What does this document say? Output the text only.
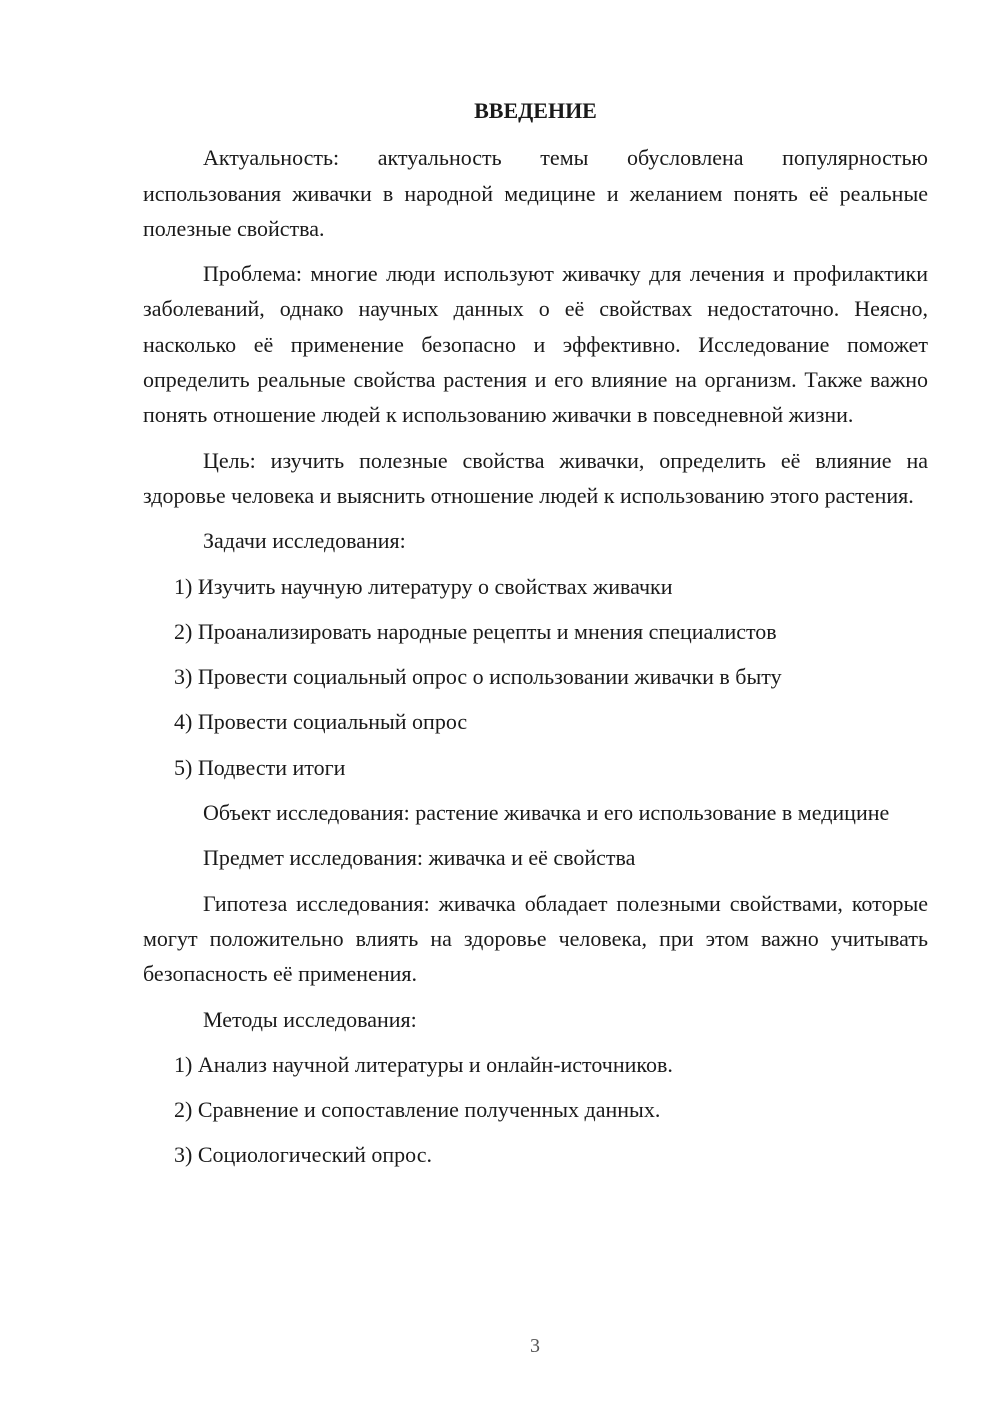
ВВЕДЕНИЕ

Актуальность: актуальность темы обусловлена популярностью использования живачки в народной медицине и желанием понять её реальные полезные свойства.

Проблема: многие люди используют живачку для лечения и профилактики заболеваний, однако научных данных о её свойствах недостаточно. Неясно, насколько её применение безопасно и эффективно. Исследование поможет определить реальные свойства растения и его влияние на организм. Также важно понять отношение людей к использованию живачки в повседневной жизни.

Цель: изучить полезные свойства живачки, определить её влияние на здоровье человека и выяснить отношение людей к использованию этого растения.

Задачи исследования:

1) Изучить научную литературу о свойствах живачки
2) Проанализировать народные рецепты и мнения специалистов
3) Провести социальный опрос о использовании живачки в быту
4) Провести социальный опрос
5) Подвести итоги

Объект исследования: растение живачка и его использование в медицине

Предмет исследования: живачка и её свойства

Гипотеза исследования: живачка обладает полезными свойствами, которые могут положительно влиять на здоровье человека, при этом важно учитывать безопасность её применения.

Методы исследования:

1) Анализ научной литературы и онлайн-источников.
2) Сравнение и сопоставление полученных данных.
3) Социологический опрос.
3
